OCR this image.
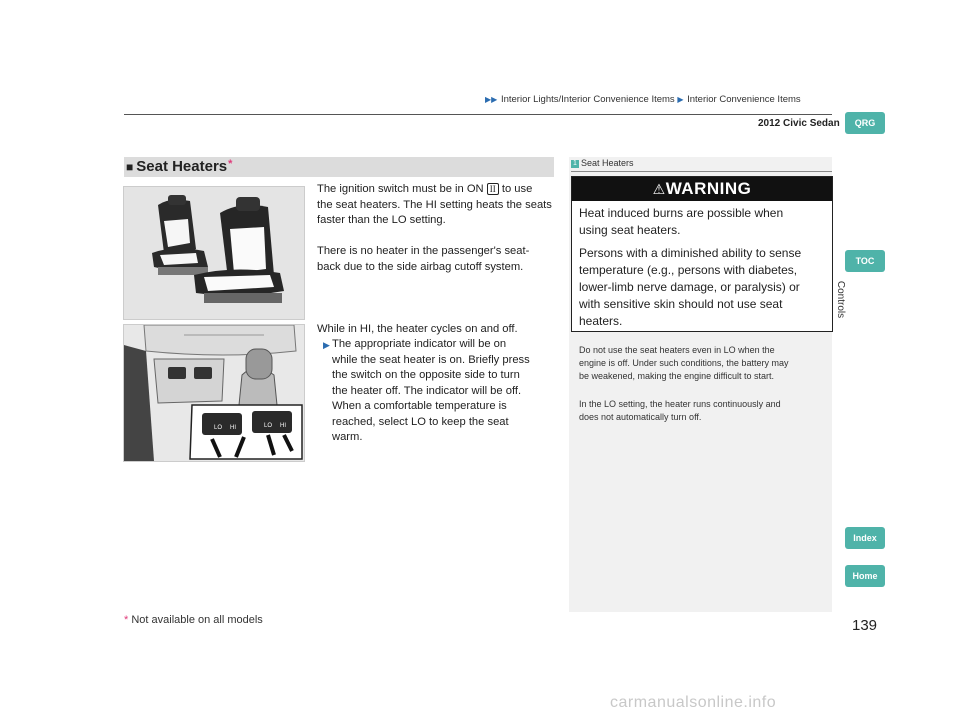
▶▶ Interior Lights/Interior Convenience Items ▶ Interior Convenience Items
2012 Civic Sedan	QRG
TOC
Controls
Index
Home
■ Seat Heaters*
The ignition switch must be in ON II to use
the seat heaters. The HI setting heats the seats
faster than the LO setting.
There is no heater in the passenger's seat-
back due to the side airbag cutoff system.
While in HI, the heater cycles on and off.
▶ The appropriate indicator will be on
while the seat heater is on. Briefly press
the switch on the opposite side to turn
the heater off. The indicator will be off.
When a comfortable temperature is
reached, select LO to keep the seat
warm.
LO HI	LO HI
1 Seat Heaters
⚠WARNING
Heat induced burns are possible when
using seat heaters.
Persons with a diminished ability to sense
temperature (e.g., persons with diabetes,
lower-limb nerve damage, or paralysis) or
with sensitive skin should not use seat
heaters.
Do not use the seat heaters even in LO when the
engine is off. Under such conditions, the battery may
be weakened, making the engine difficult to start.
In the LO setting, the heater runs continuously and
does not automatically turn off.
* Not available on all models	139
carmanualsonline.info
